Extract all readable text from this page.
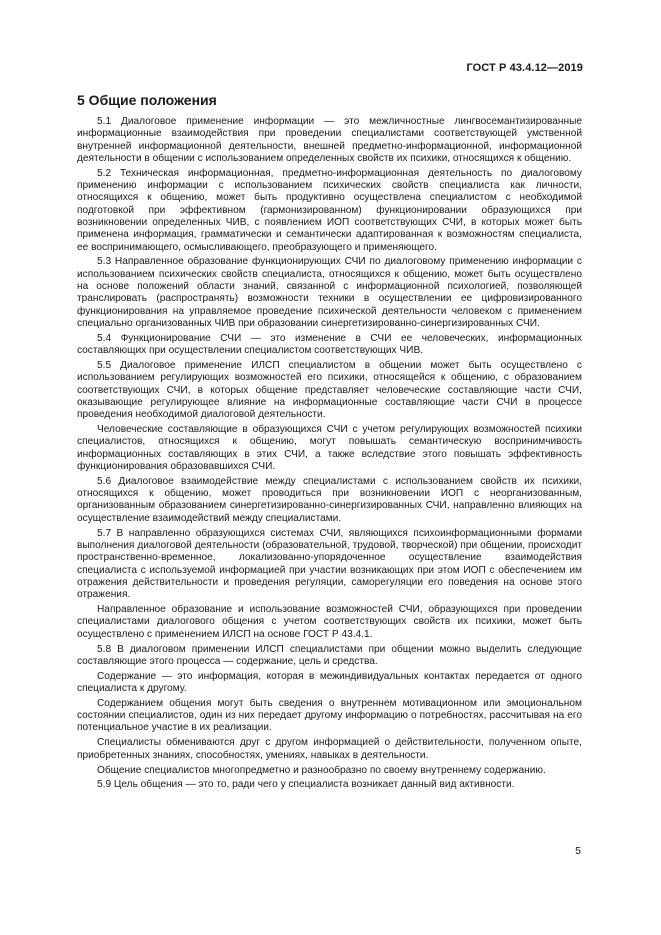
ГОСТ Р 43.4.12—2019
5 Общие положения

5.1 Диалоговое применение информации — это межличностные лингвосемантизированные информационные взаимодействия при проведении специалистами соответствующей умственной внутренней информационной деятельности, внешней предметно-информационной, информационной деятельности в общении с использованием определенных свойств их психики, относящихся к общению.

5.2 Техническая информационная, предметно-информационная деятельность по диалоговому применению информации с использованием психических свойств специалиста как личности, относящихся к общению, может быть продуктивно осуществлена специалистом с необходимой подготовкой при эффективном (гармонизированном) функционировании образующихся при возникновении определенных ЧИВ, с появлением ИОП соответствующих СЧИ, в которых может быть применена информация, грамматически и семантически адаптированная к возможностям специалиста, ее воспринимающего, осмысливающего, преобразующего и применяющего.

5.3 Направленное образование функционирующих СЧИ по диалоговому применению информации с использованием психических свойств специалиста, относящихся к общению, может быть осуществлено на основе положений области знаний, связанной с информационной психологией, позволяющей транслировать (распространять) возможности техники в осуществлении ее цифровизированного функционирования на управляемое проведение психической деятельности человеком с применением специально организованных ЧИВ при образовании синергетизированно-синергизированных СЧИ.

5.4 Функционирование СЧИ — это изменение в СЧИ ее человеческих, информационных составляющих при осуществлении специалистом соответствующих ЧИВ.

5.5 Диалоговое применение ИЛСП специалистом в общении может быть осуществлено с использованием регулирующих возможностей его психики, относящейся к общению, с образованием соответствующих СЧИ, в которых общение представляет человеческие составляющие части СЧИ, оказывающие регулирующее влияние на информационные составляющие части СЧИ в процессе проведения необходимой диалоговой деятельности.

Человеческие составляющие в образующихся СЧИ с учетом регулирующих возможностей психики специалистов, относящихся к общению, могут повышать семантическую воспринимчивость информационных составляющих в этих СЧИ, а также вследствие этого повышать эффективность функционирования образовавшихся СЧИ.

5.6 Диалоговое взаимодействие между специалистами с использованием свойств их психики, относящихся к общению, может проводиться при возникновении ИОП с неорганизованным, организованным образованием синергетизированно-синергизированных СЧИ, направленно влияющих на осуществление взаимодействий между специалистами.

5.7 В направленно образующихся системах СЧИ, являющихся психоинформационными формами выполнения диалоговой деятельности (образовательной, трудовой, творческой) при общении, происходит пространственно-временное, локализованно-упорядоченное осуществление взаимодействия специалиста с используемой информацией при участии возникающих при этом ИОП с обеспечением им отражения действительности и проведения регуляции, саморегуляции его поведения на основе этого отражения.

Направленное образование и использование возможностей СЧИ, образующихся при проведении специалистами диалогового общения с учетом соответствующих свойств их психики, может быть осуществлено с применением ИЛСП на основе ГОСТ Р 43.4.1.

5.8 В диалоговом применении ИЛСП специалистами при общении можно выделить следующие составляющие этого процесса — содержание, цель и средства.

Содержание — это информация, которая в межиндивидуальных контактах передается от одного специалиста к другому.

Содержанием общения могут быть сведения о внутреннем мотивационном или эмоциональном состоянии специалистов, один из них передает другому информацию о потребностях, рассчитывая на его потенциальное участие в их реализации.

Специалисты обмениваются друг с другом информацией о действительности, полученном опыте, приобретенных знаниях, способностях, умениях, навыках в деятельности.

Общение специалистов многопредметно и разнообразно по своему внутреннему содержанию.

5.9 Цель общения — это то, ради чего у специалиста возникает данный вид активности.

5
